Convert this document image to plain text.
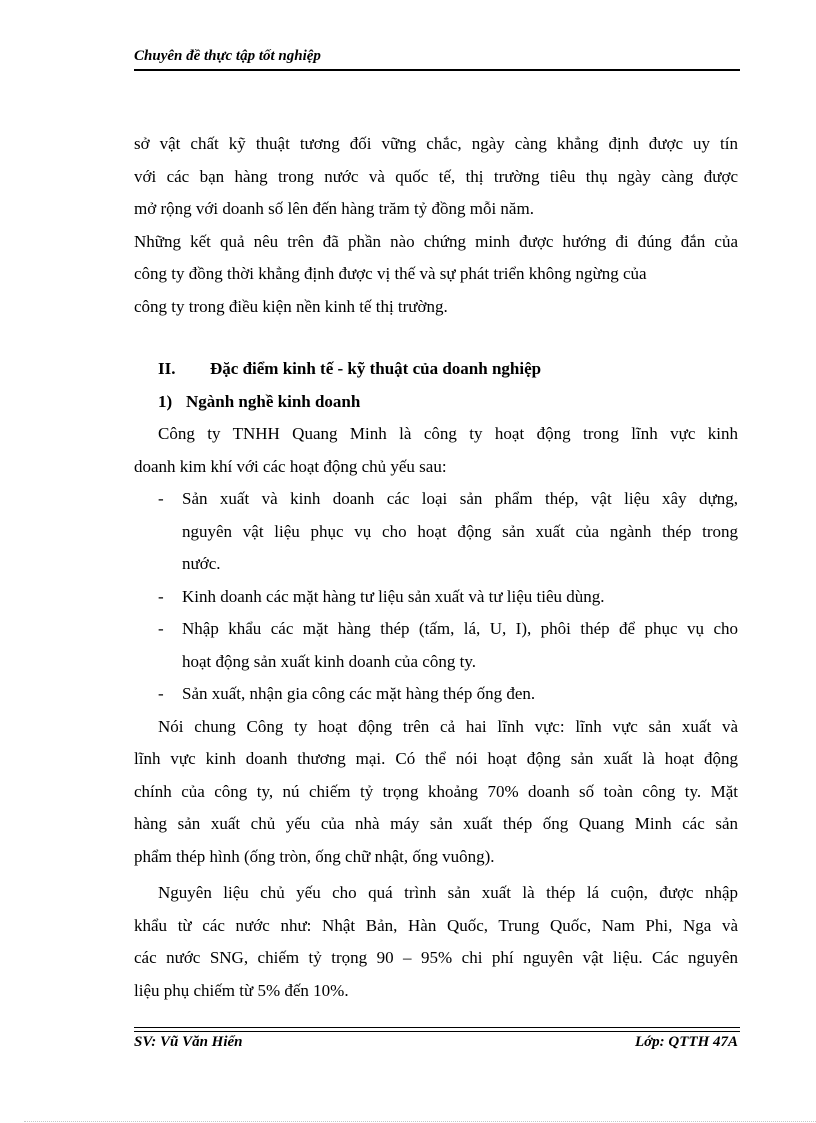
Chuyên đề thực tập tốt nghiệp
sở vật chất kỹ thuật tương đối vững chắc, ngày càng khẳng định được uy tín
với các bạn hàng trong nước và quốc tế, thị trường tiêu thụ ngày càng được
mở rộng với doanh số lên đến hàng trăm tỷ đồng mỗi năm.
Những kết quả nêu trên đã phần nào chứng minh được hướng đi đúng đắn của
công ty đồng thời khẳng định được vị thế và sự phát triển không ngừng của
công ty trong điều kiện nền kinh tế thị trường.
II.	Đặc điểm kinh tế - kỹ thuật của doanh nghiệp
1) Ngành nghề kinh doanh
Công ty TNHH Quang Minh là công ty hoạt động trong lĩnh vực kinh
doanh kim khí với các hoạt động chủ yếu sau:
-	Sản xuất và kinh doanh các loại sản phẩm thép, vật liệu xây dựng,
nguyên vật liệu phục vụ cho hoạt động sản xuất của ngành thép trong
nước.
-	Kinh doanh các mặt hàng tư liệu sản xuất và tư liệu tiêu dùng.
-	Nhập khẩu các mặt hàng thép (tấm, lá, U, I), phôi thép để phục vụ cho
hoạt động sản xuất kinh doanh của công ty.
-	Sản xuất, nhận gia công các mặt hàng thép ống đen.
Nói chung Công ty hoạt động trên cả hai lĩnh vực: lĩnh vực sản xuất và
lĩnh vực kinh doanh thương mại. Có thể nói hoạt động sản xuất là hoạt động
chính của công ty, nú chiếm tỷ trọng khoảng 70% doanh số toàn công ty. Mặt
hàng sản xuất chủ yếu của nhà máy sản xuất thép ống Quang Minh các sản
phẩm thép hình (ống tròn, ống chữ nhật, ống vuông).
Nguyên liệu chủ yếu cho quá trình sản xuất là thép lá cuộn, được nhập
khẩu từ các nước như: Nhật Bản, Hàn Quốc, Trung Quốc, Nam Phi, Nga và
các nước SNG, chiếm tỷ trọng 90 – 95% chi phí nguyên vật liệu. Các nguyên
liệu phụ chiếm từ 5% đến 10%.
SV: Vũ Văn Hiển	Lớp: QTTH 47A
